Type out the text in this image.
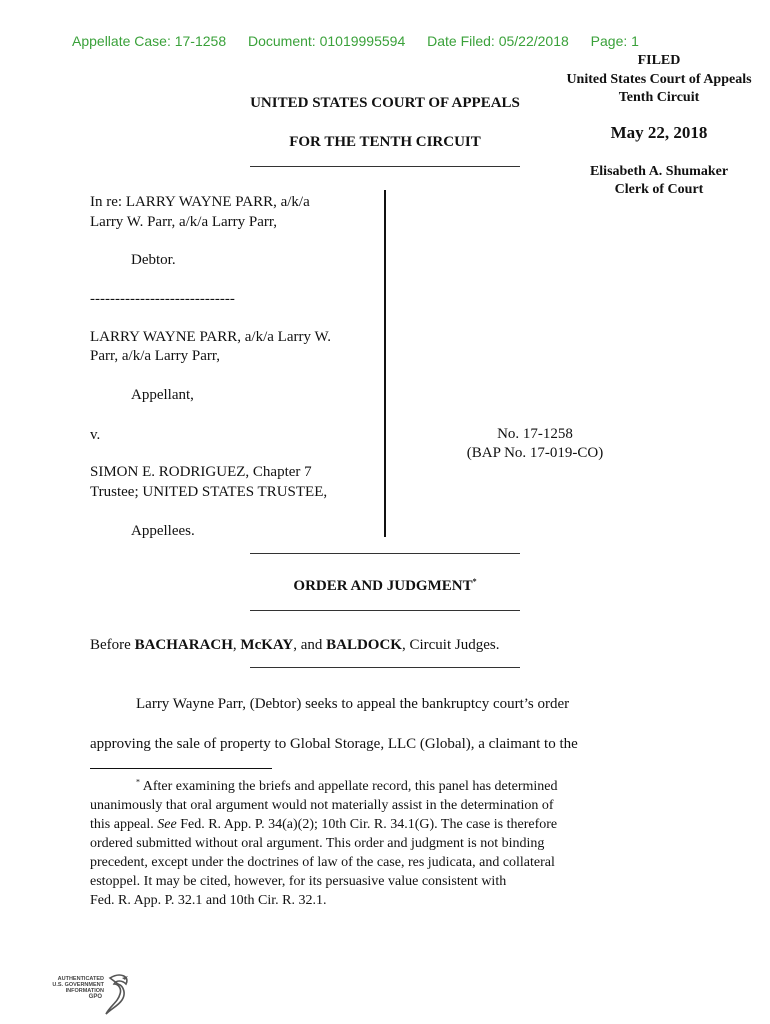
Appellate Case: 17-1258 Document: 01019995594 Date Filed: 05/22/2018 Page: 1
FILED
United States Court of Appeals
Tenth Circuit
May 22, 2018
Elisabeth A. Shumaker
Clerk of Court
UNITED STATES COURT OF APPEALS
FOR THE TENTH CIRCUIT
In re: LARRY WAYNE PARR, a/k/a
Larry W. Parr, a/k/a Larry Parr,
Debtor.
-----------------------------
LARRY WAYNE PARR, a/k/a Larry W.
Parr, a/k/a Larry Parr,
Appellant,
v.
SIMON E. RODRIGUEZ, Chapter 7
Trustee; UNITED STATES TRUSTEE,
Appellees.
No. 17-1258
(BAP No. 17-019-CO)
ORDER AND JUDGMENT*
Before BACHARACH, McKAY, and BALDOCK, Circuit Judges.
Larry Wayne Parr, (Debtor) seeks to appeal the bankruptcy court’s order
approving the sale of property to Global Storage, LLC (Global), a claimant to the
* After examining the briefs and appellate record, this panel has determined
unanimously that oral argument would not materially assist in the determination of
this appeal. See Fed. R. App. P. 34(a)(2); 10th Cir. R. 34.1(G). The case is therefore
ordered submitted without oral argument. This order and judgment is not binding
precedent, except under the doctrines of law of the case, res judicata, and collateral
estoppel. It may be cited, however, for its persuasive value consistent with
Fed. R. App. P. 32.1 and 10th Cir. R. 32.1.
AUTHENTICATED
U.S. GOVERNMENT
INFORMATION
GPO
